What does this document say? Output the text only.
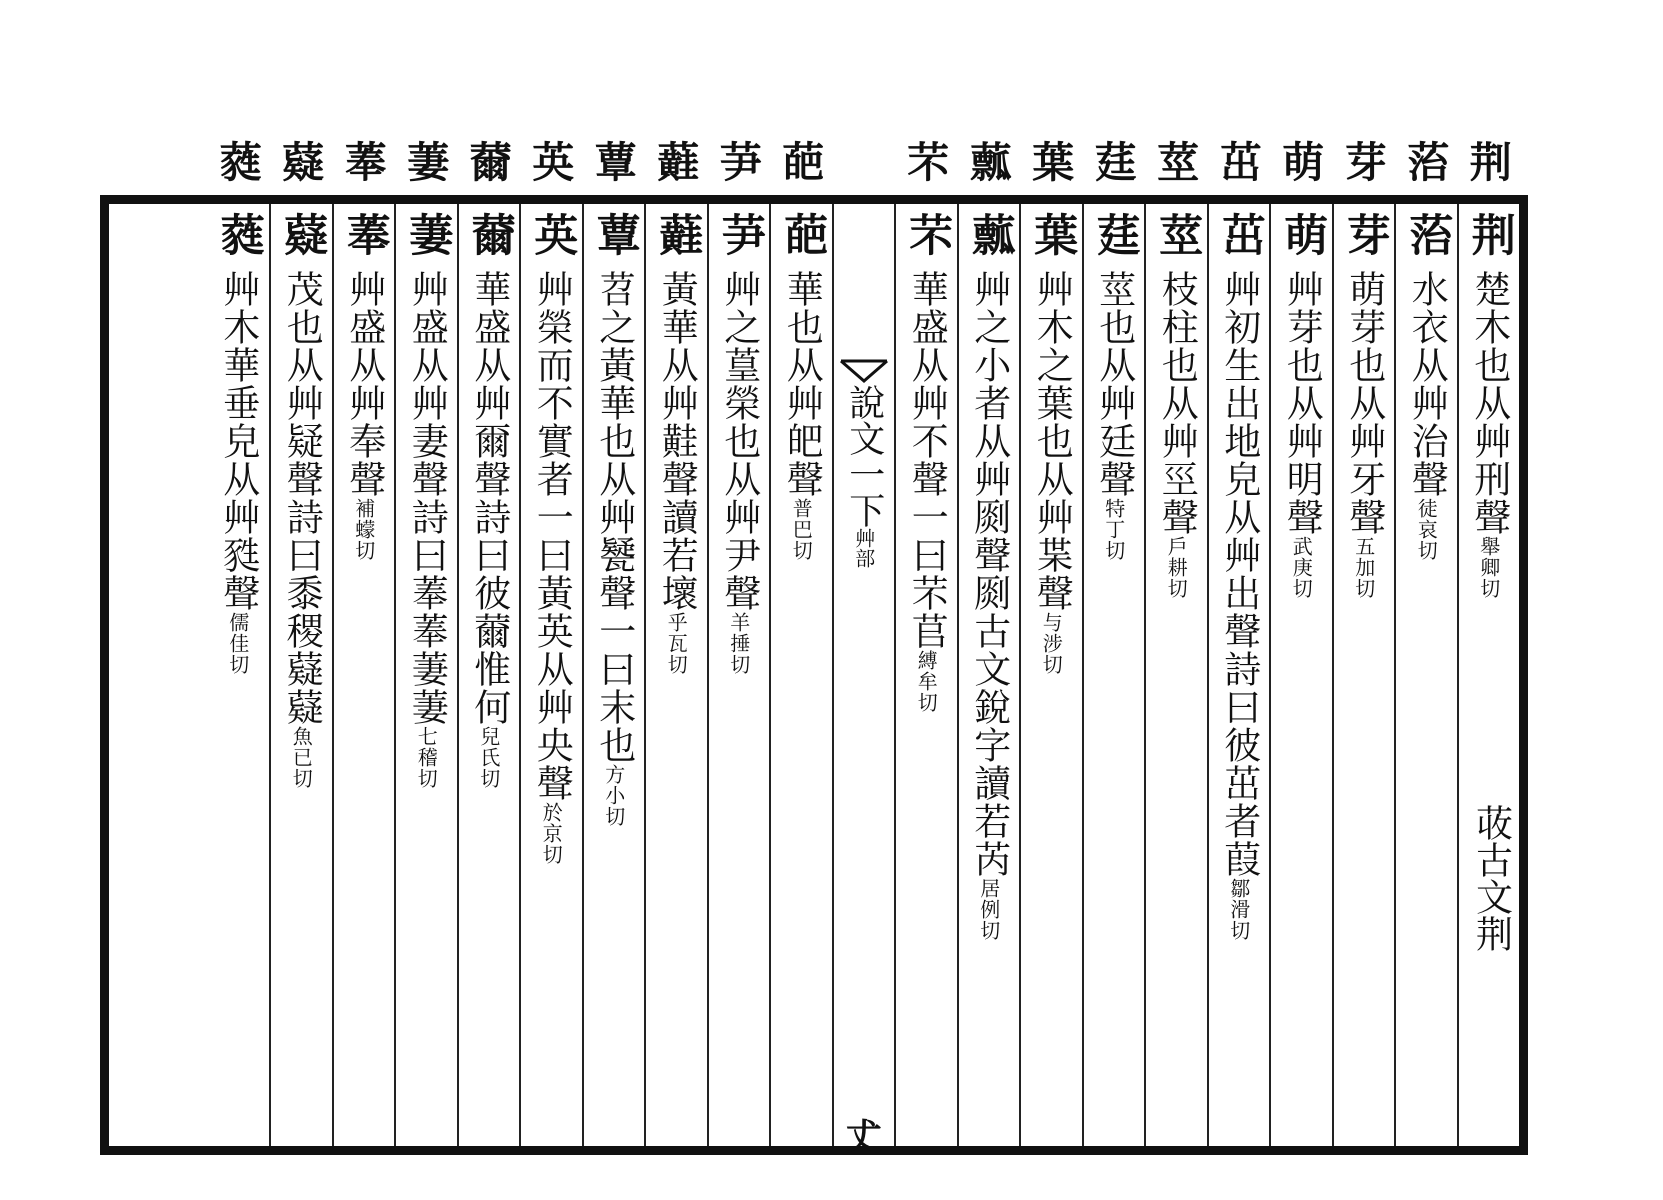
荆
菭
芽
萌
茁
莖
莛
葉
䕯
芣
葩
芛
蘳
蕈
英
薾
萋
菶
薿
蕤
荆
楚木也从艸刑聲舉卿切
荍古文荆
菭
水衣从艸治聲徒哀切
芽
萌芽也从艸牙聲五加切
萌
艸芽也从艸明聲武庚切
茁
艸初生出地皃从艸出聲詩曰彼茁者葭鄒滑切
莖
枝柱也从艸巠聲戶耕切
莛
莖也从艸廷聲特丁切
葉
艸木之葉也从艸枼聲与涉切
䕯
艸之小者从艸㓹聲㓹古文銳字讀若芮居例切
芣
華盛从艸不聲一曰芣苢縛牟切
說文一下艸部
𠀋
葩
華也从艸皅聲普巴切
芛
艸之葟榮也从艸尹聲羊捶切
蘳
黃華从艸黊聲讀若壞乎瓦切
蕈
苕之黃華也从艸㽈聲一曰末也方小切
英
艸榮而不實者一曰黃英从艸央聲於京切
薾
華盛从艸爾聲詩曰彼薾惟何兒氏切
萋
艸盛从艸妻聲詩曰菶菶萋萋七稽切
菶
艸盛从艸奉聲補蠓切
薿
茂也从艸疑聲詩曰黍稷薿薿魚已切
蕤
艸木華垂皃从艸甤聲儒佳切
